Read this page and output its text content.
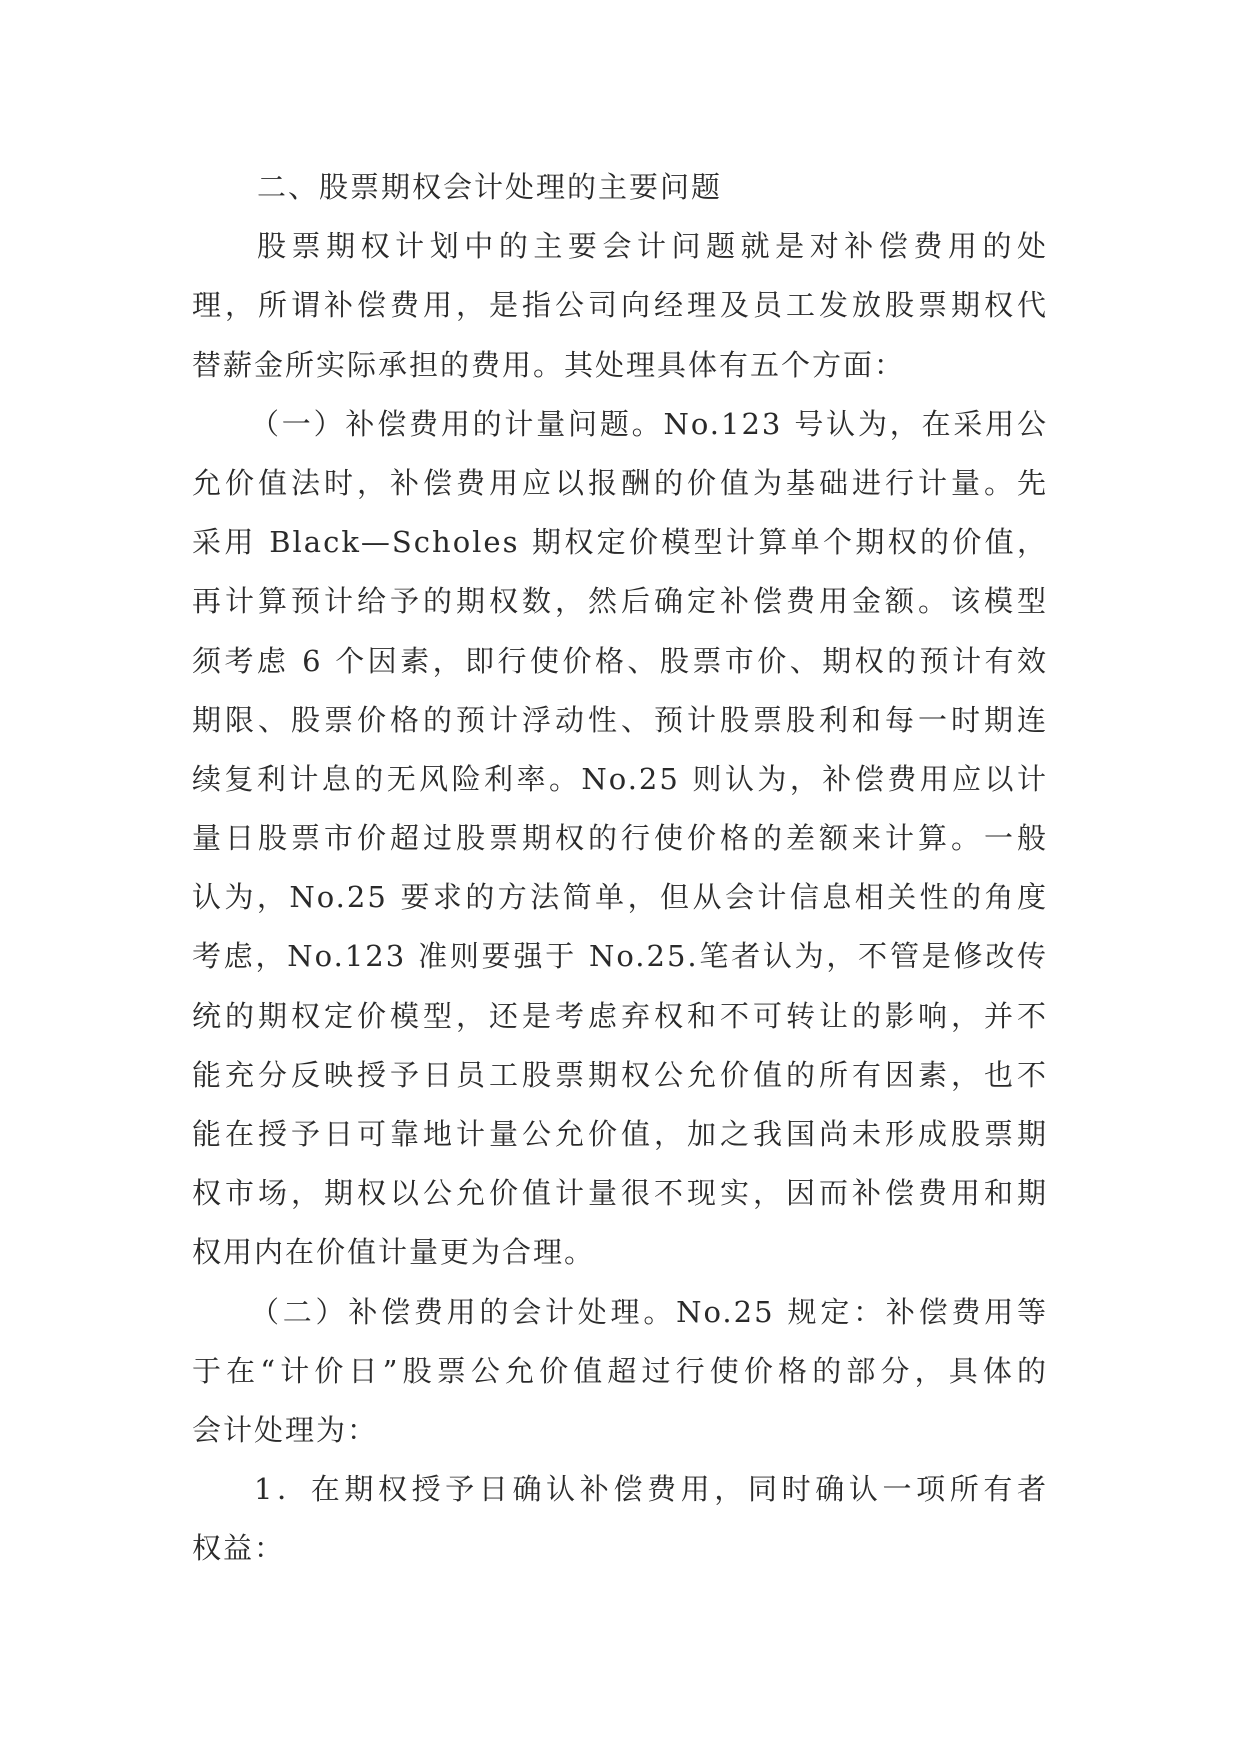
二、股票期权会计处理的主要问题
股票期权计划中的主要会计问题就是对补偿费用的处
理，所谓补偿费用，是指公司向经理及员工发放股票期权代
替薪金所实际承担的费用。其处理具体有五个方面：
（一）补偿费用的计量问题。No.123 号认为，在采用公
允价值法时，补偿费用应以报酬的价值为基础进行计量。先
采用 Black—Scholes 期权定价模型计算单个期权的价值，
再计算预计给予的期权数，然后确定补偿费用金额。该模型
须考虑 6 个因素，即行使价格、股票市价、期权的预计有效
期限、股票价格的预计浮动性、预计股票股利和每一时期连
续复利计息的无风险利率。No.25 则认为，补偿费用应以计
量日股票市价超过股票期权的行使价格的差额来计算。一般
认为，No.25 要求的方法简单，但从会计信息相关性的角度
考虑，No.123 准则要强于 No.25.笔者认为，不管是修改传
统的期权定价模型，还是考虑弃权和不可转让的影响，并不
能充分反映授予日员工股票期权公允价值的所有因素，也不
能在授予日可靠地计量公允价值，加之我国尚未形成股票期
权市场，期权以公允价值计量很不现实，因而补偿费用和期
权用内在价值计量更为合理。
（二）补偿费用的会计处理。No.25 规定：补偿费用等
于在“计价日”股票公允价值超过行使价格的部分，具体的
会计处理为：
1．在期权授予日确认补偿费用，同时确认一项所有者
权益：
